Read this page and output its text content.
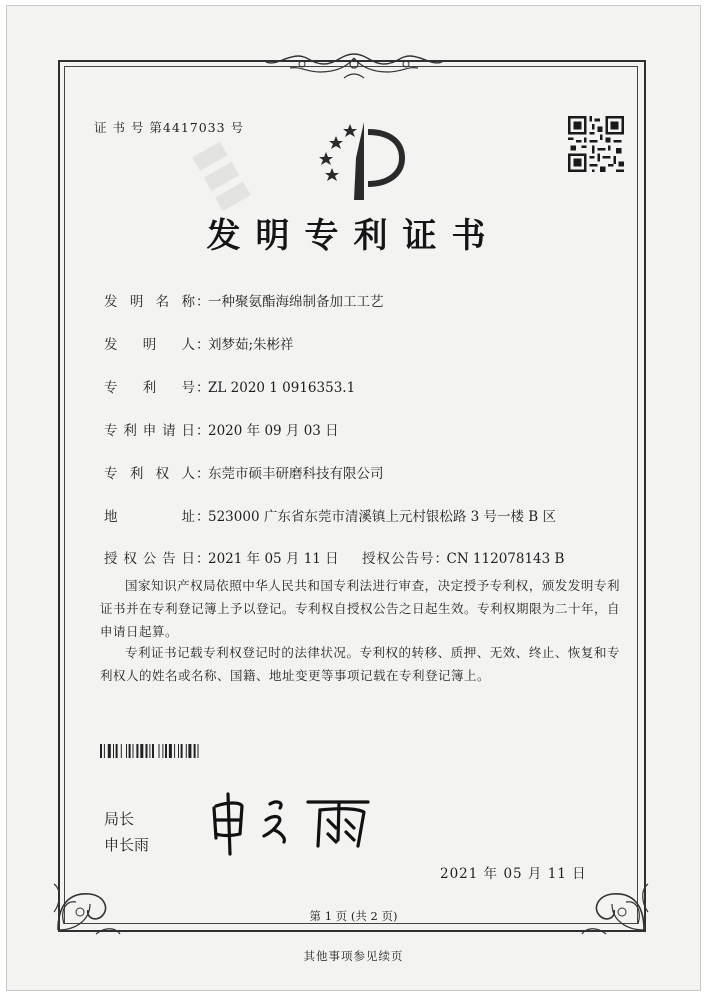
▮▮▮
证 书 号 第4417033 号
发明专利证书
发明名称：一种聚氨酯海绵制备加工工艺
发明人：刘梦茹;朱彬祥
专利号：ZL 2020 1 0916353.1
专利申请日：2020 年 09 月 03 日
专利权人：东莞市硕丰研磨科技有限公司
地址：523000 广东省东莞市清溪镇上元村银松路 3 号一楼 B 区
授权公告日：2021 年 05 月 11 日 授权公告号：CN 112078143 B
国家知识产权局依照中华人民共和国专利法进行审查，决定授予专利权，颁发发明专利证书并在专利登记簿上予以登记。专利权自授权公告之日起生效。专利权期限为二十年，自申请日起算。
专利证书记载专利权登记时的法律状况。专利权的转移、质押、无效、终止、恢复和专利权人的姓名或名称、国籍、地址变更等事项记载在专利登记簿上。
局长
申长雨
2021 年 05 月 11 日
第 1 页 (共 2 页)
其他事项参见续页
